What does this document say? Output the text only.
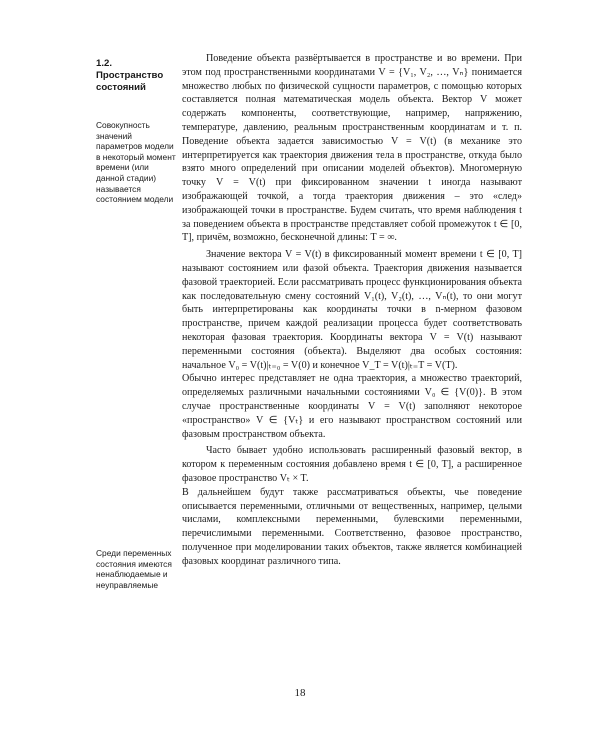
1.2. Пространство состояний
Совокупность значений параметров модели в некоторый момент времени (или данной стадии) называется состоянием модели
Среди переменных состояния имеются ненаблюдаемые и неуправляемые

Поведение объекта развёртывается в пространстве и во времени. При этом под пространственными координатами V = {V₁, V₂, …, Vₙ} понимается множество любых по физической сущности параметров, с помощью которых составляется полная математическая модель объекта. Вектор V может содержать компоненты, соответствующие, например, напряжению, температуре, давлению, реальным пространственным координатам и т. п. Поведение объекта задается зависимостью V = V(t) (в механике это интерпретируется как траектория движения тела в пространстве, откуда было взято много определений при описании моделей объектов). Многомерную точку V = V(t) при фиксированном значении t иногда называют изображающей точкой, а тогда траектория движения – это «след» изображающей точки в пространстве. Будем считать, что время наблюдения t за поведением объекта в пространстве представляет собой промежуток t ∈ [0, T], причём, возможно, бесконечной длины: T = ∞.

Значение вектора V = V(t) в фиксированный момент времени t ∈ [0, T] называют состоянием или фазой объекта. Траектория движения называется фазовой траекторией. Если рассматривать процесс функционирования объекта как последовательную смену состояний V₁(t), V₂(t), …, Vₙ(t), то они могут быть интерпретированы как координаты точки в n-мерном фазовом пространстве, причем каждой реализации процесса будет соответствовать некоторая фазовая траектория. Координаты вектора V = V(t) называют переменными состояния (объекта). Выделяют два особых состояния: начальное V₀ = V(t)|ₜ₌₀ = V(0) и конечное V_T = V(t)|ₜ₌T = V(T).

Обычно интерес представляет не одна траектория, а множество траекторий, определяемых различными начальными состояниями V₀ ∈ {V(0)}. В этом случае пространственные координаты V = V(t) заполняют некоторое «пространство» V ∈ {Vₜ} и его называют пространством состояний или фазовым пространством объекта.

Часто бывает удобно использовать расширенный фазовый вектор, в котором к переменным состояния добавлено время t ∈ [0, T], а расширенное фазовое пространство Vₜ × T.

В дальнейшем будут также рассматриваться объекты, чье поведение описывается переменными, отличными от вещественных, например, целыми числами, комплексными переменными, булевскими переменными, перечислимыми переменными. Соответственно, фазовое пространство, полученное при моделировании таких объектов, также является комбинацией фазовых координат различного типа.

18
